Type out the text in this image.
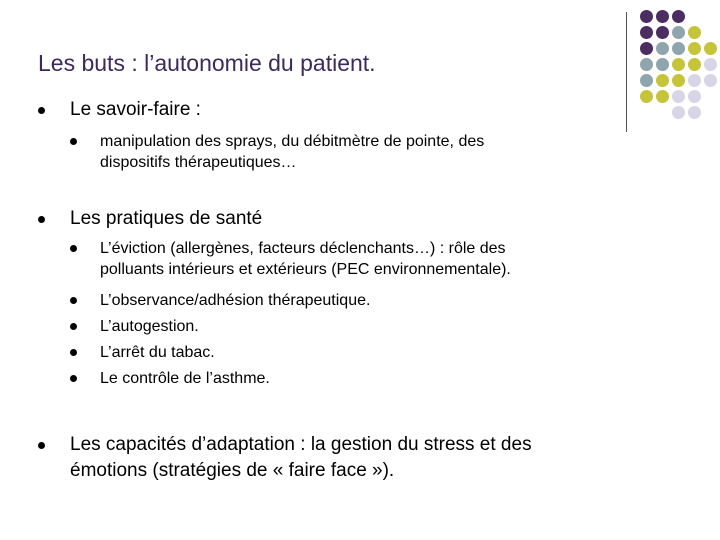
Les buts : l’autonomie du patient.
Le savoir-faire :
manipulation des sprays, du débitmètre de pointe, des
dispositifs thérapeutiques…
Les pratiques de santé
L’éviction (allergènes, facteurs déclenchants…) : rôle des
polluants intérieurs et extérieurs (PEC environnementale).
L’observance/adhésion thérapeutique.
L’autogestion.
L’arrêt du tabac.
Le contrôle de l’asthme.
Les capacités d’adaptation : la gestion du stress et des
émotions (stratégies de « faire face »).
